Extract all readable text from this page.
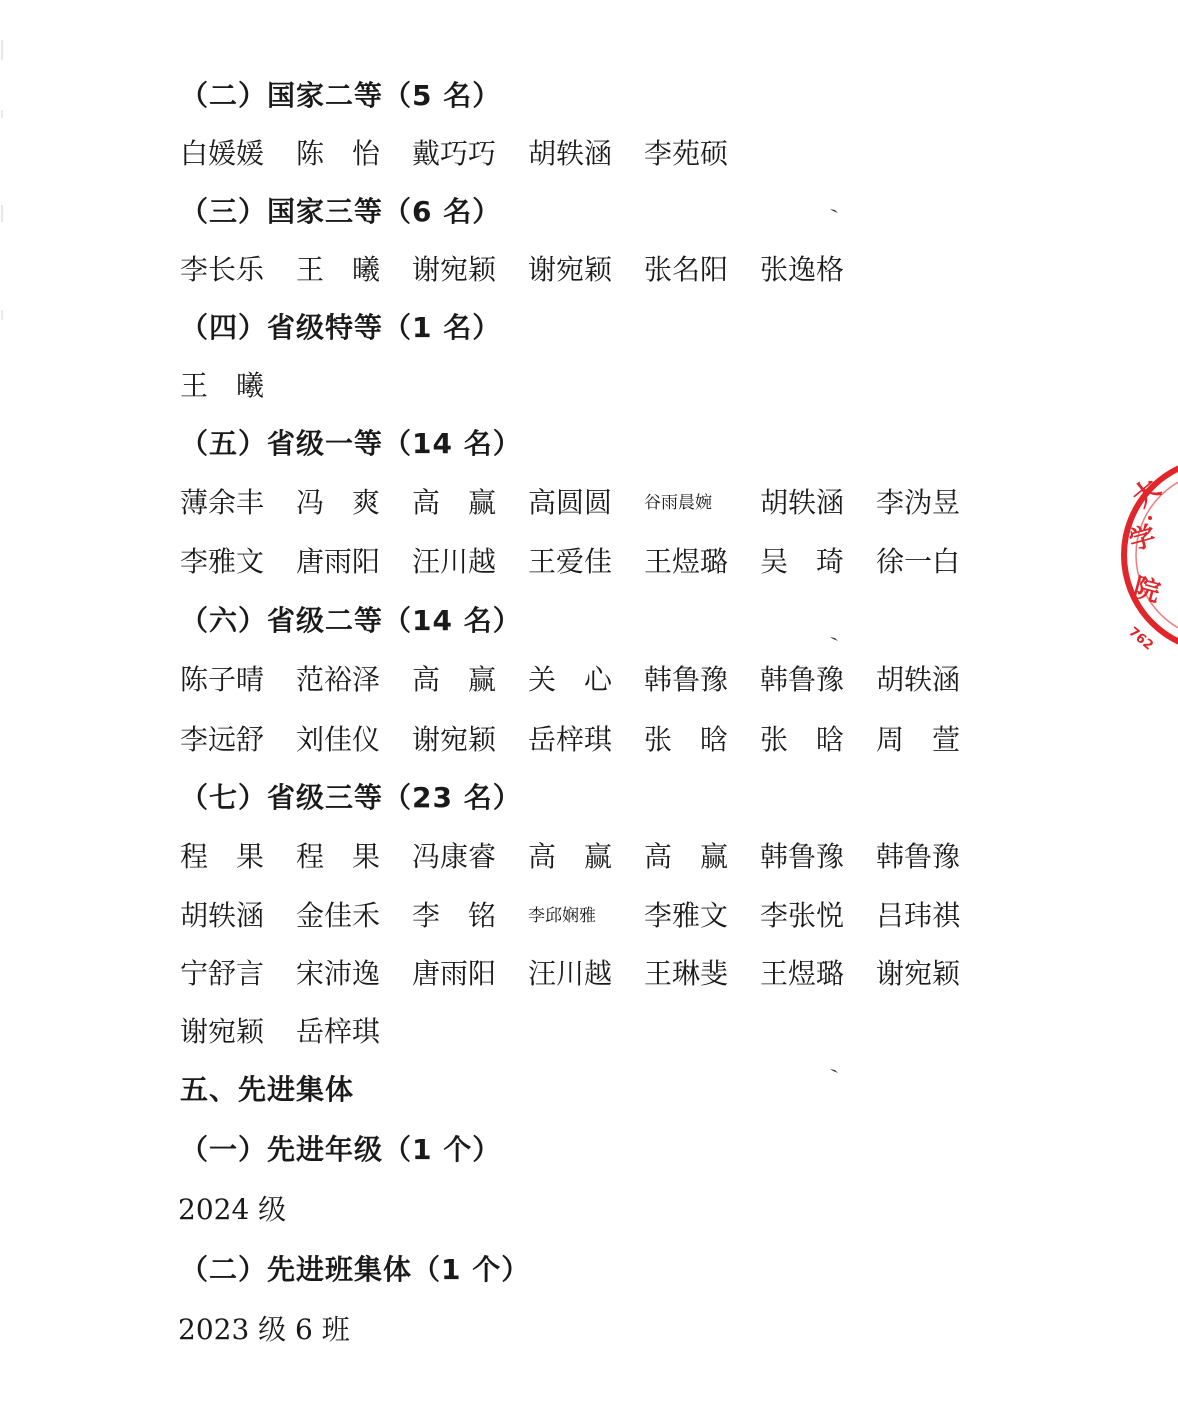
（二）国家二等（5 名）
白媛媛 陈　怡 戴巧巧 胡轶涵 李苑硕
（三）国家三等（6 名）
李长乐 王　曦 谢宛颖 谢宛颖 张名阳 张逸格
（四）省级特等（1 名）
王　曦
（五）省级一等（14 名）
薄余丰 冯　爽 高　赢 高圆圆 谷雨晨婉 胡轶涵 李沩昱
李雅文 唐雨阳 汪川越 王爱佳 王煜璐 吴　琦 徐一白
（六）省级二等（14 名）
陈子晴 范裕泽 高　赢 关　心 韩鲁豫 韩鲁豫 胡轶涵
李远舒 刘佳仪 谢宛颖 岳梓琪 张　晗 张　晗 周　萱
（七）省级三等（23 名）
程　果 程　果 冯康睿 高　赢 高　赢 韩鲁豫 韩鲁豫
胡轶涵 金佳禾 李　铭 李邱娴雅 李雅文 李张悦 吕玮祺
宁舒言 宋沛逸 唐雨阳 汪川越 王琳斐 王煜璐 谢宛颖
谢宛颖 岳梓琪
五、先进集体
（一）先进年级（1 个）
2024 级
（二）先进班集体（1 个）
2023 级 6 班
大
学
院
762
